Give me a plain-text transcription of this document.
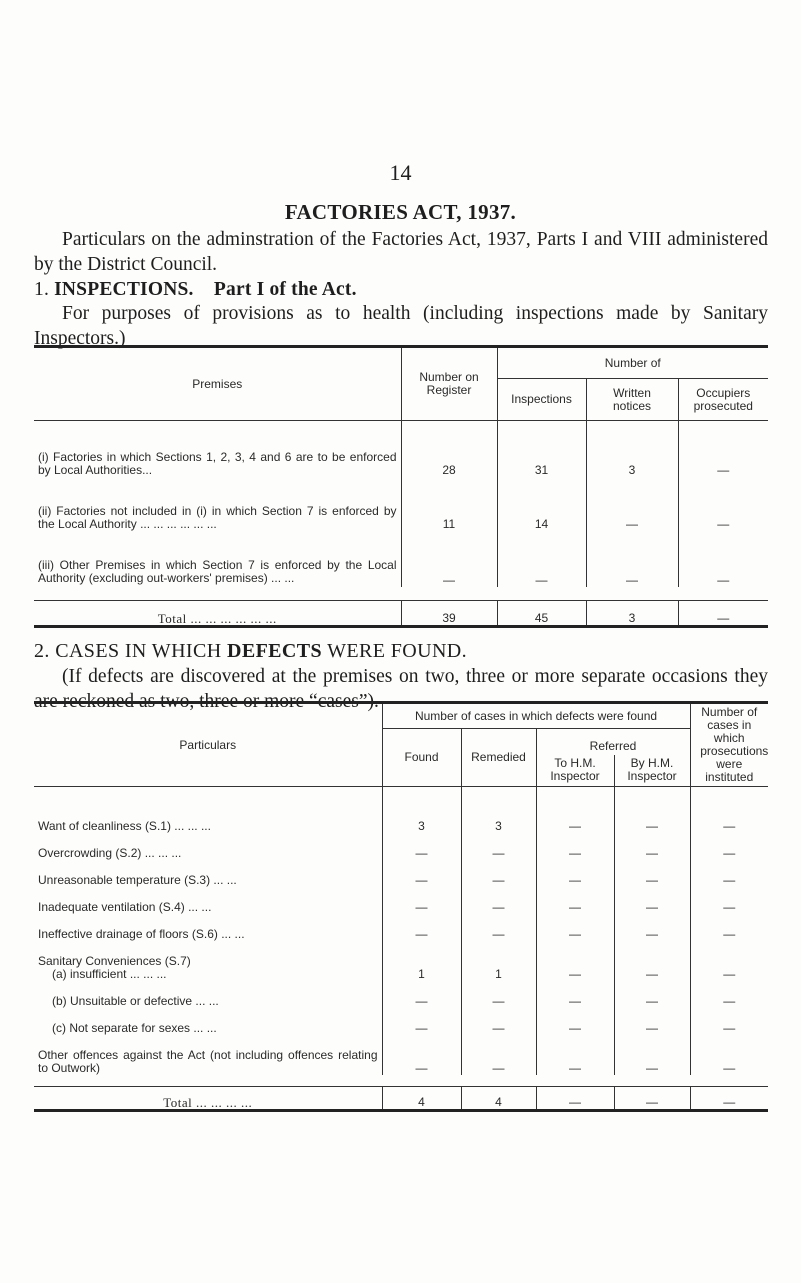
14
FACTORIES ACT, 1937.
Particulars on the adminstration of the Factories Act, 1937, Parts I and VIII administered by the District Council.
1. INSPECTIONS. Part I of the Act.
For purposes of provisions as to health (including inspections made by Sanitary Inspectors.)
Premises	Number on Register	Number of		
		Inspections	Written notices	Occupiers prosecuted

(i) Factories in which Sections 1, 2, 3, 4 and 6 are to be enforced by Local Authorities...	28	31	3	—
(ii) Factories not included in (i) in which Section 7 is enforced by the Local Authority ... ... ... ... ... ...	11	14	—	—
(iii) Other Premises in which Section 7 is enforced by the Local Authority (excluding out-workers' premises) ... ...	—	—	—	—

Total ... ... ... ... ... ...	39	45	3	—
2. CASES IN WHICH DEFECTS WERE FOUND.
(If defects are discovered at the premises on two, three or more separate occasions they are reckoned as two, three or more “cases”).
Particulars	Number of cases in which defects were found				Number of cases in which prosecutions were instituted

	Found	Remedied	Referred		

			To H.M. Inspector	By H.M. Inspector	

Want of cleanliness (S.1) ... ... ...	3	3	—	—	—
Overcrowding (S.2) ... ... ...	—	—	—	—	—
Unreasonable temperature (S.3) ... ...	—	—	—	—	—
Inadequate ventilation (S.4) ... ...	—	—	—	—	—
Ineffective drainage of floors (S.6) ... ...	—	—	—	—	—

Sanitary Conveniences (S.7)
(a) insufficient ... ... ...	1	1	—	—	—
(b) Unsuitable or defective ... ...	—	—	—	—	—
(c) Not separate for sexes ... ...	—	—	—	—	—
Other offences against the Act (not including offences relating to Outwork)	—	—	—	—	—

Total ... ... ... ...	4	4	—	—	—
